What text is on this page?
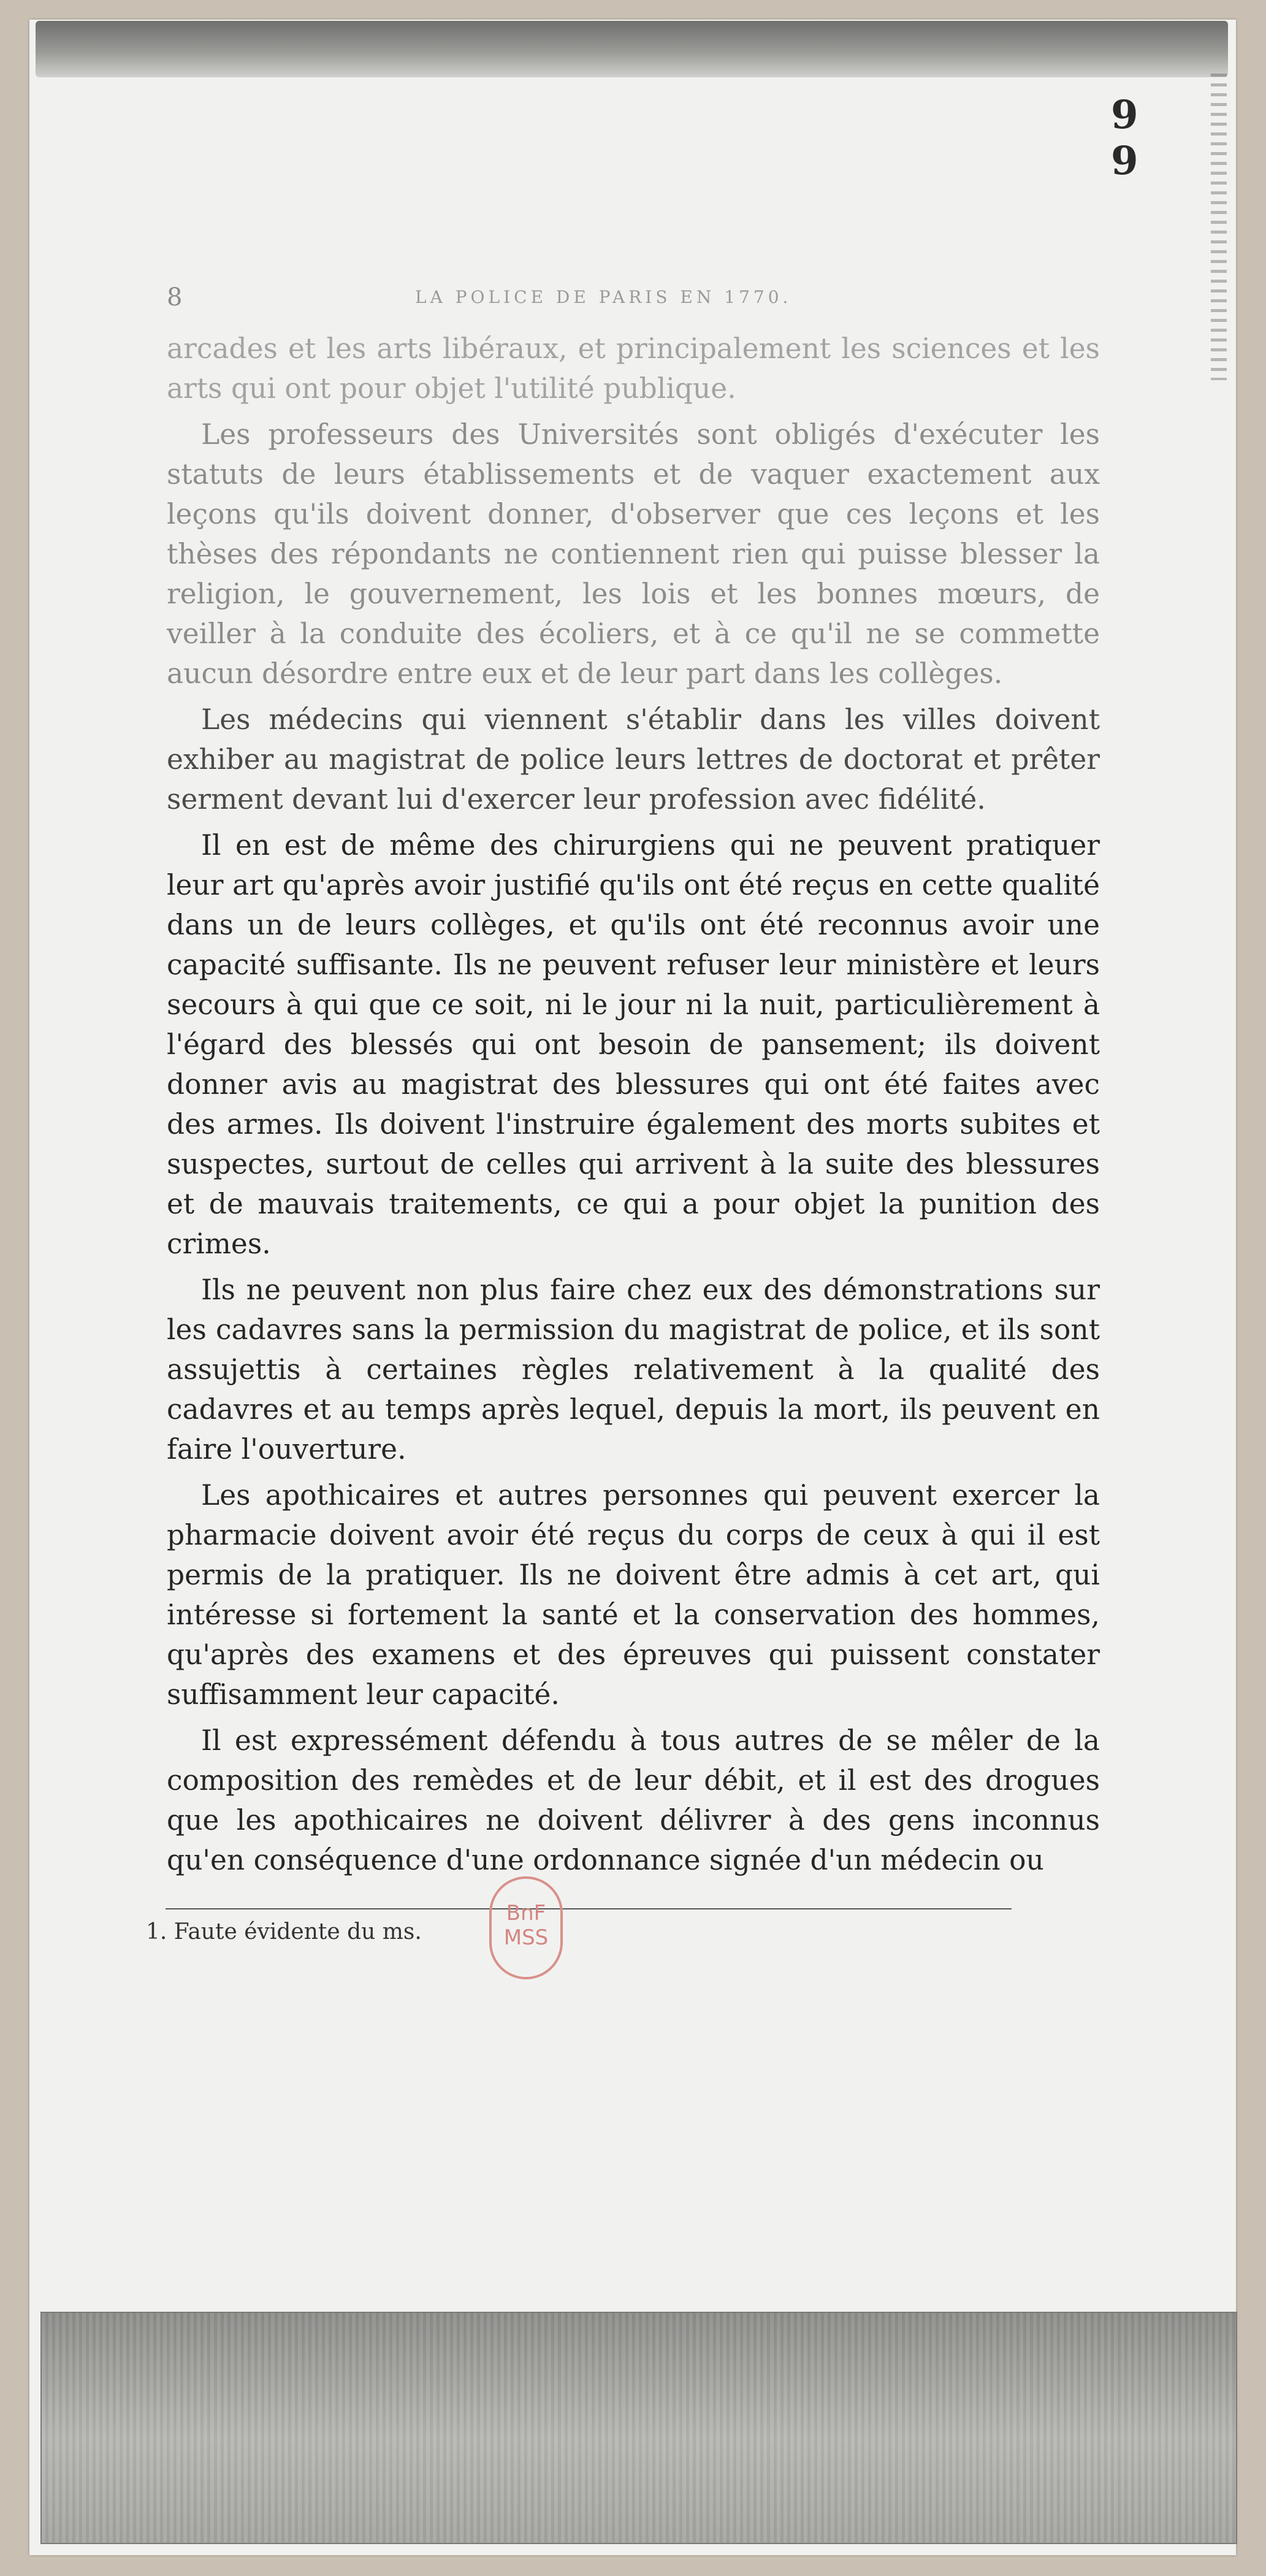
9 9
8	LA POLICE DE PARIS EN 1770.

arcades et les arts libéraux, et principalement les sciences et les arts qui ont pour objet l'utilité publique.

Les professeurs des Universités sont obligés d'exécuter les statuts de leurs établissements et de vaquer exactement aux leçons qu'ils doivent donner, d'observer que ces leçons et les thèses des répondants ne contiennent rien qui puisse blesser la religion, le gouvernement, les lois et les bonnes mœurs, de veiller à la conduite des écoliers, et à ce qu'il ne se commette aucun désordre entre eux et de leur part dans les collèges.

Les médecins qui viennent s'établir dans les villes doivent exhiber au magistrat de police leurs lettres de doctorat et prêter serment devant lui d'exercer leur profession avec fidélité.

Il en est de même des chirurgiens qui ne peuvent pratiquer leur art qu'après avoir justifié qu'ils ont été reçus en cette qualité dans un de leurs collèges, et qu'ils ont été reconnus avoir une capacité suffisante. Ils ne peuvent refuser leur ministère et leurs secours à qui que ce soit, ni le jour ni la nuit, particulièrement à l'égard des blessés qui ont besoin de pansement; ils doivent donner avis au magistrat des blessures qui ont été faites avec des armes. Ils doivent l'instruire également des morts subites et suspectes, surtout de celles qui arrivent à la suite des blessures et de mauvais traitements, ce qui a pour objet la punition des crimes.

Ils ne peuvent non plus faire chez eux des démonstrations sur les cadavres sans la permission du magistrat de police, et ils sont assujettis à certaines règles relativement à la qualité des cadavres et au temps après lequel, depuis la mort, ils peuvent en faire l'ouverture.

Les apothicaires et autres personnes qui peuvent exercer la pharmacie doivent avoir été reçus du corps de ceux à qui il est permis de la pratiquer. Ils ne doivent être admis à cet art, qui intéresse si fortement la santé et la conservation des hommes, qu'après des examens et des épreuves qui puissent constater suffisamment leur capacité.

Il est expressément défendu à tous autres de se mêler de la composition des remèdes et de leur débit, et il est des drogues que les apothicaires ne doivent délivrer à des gens inconnus qu'en conséquence d'une ordonnance signée d'un médecin ou

1. Faute évidente du ms.
BnF
MSS
